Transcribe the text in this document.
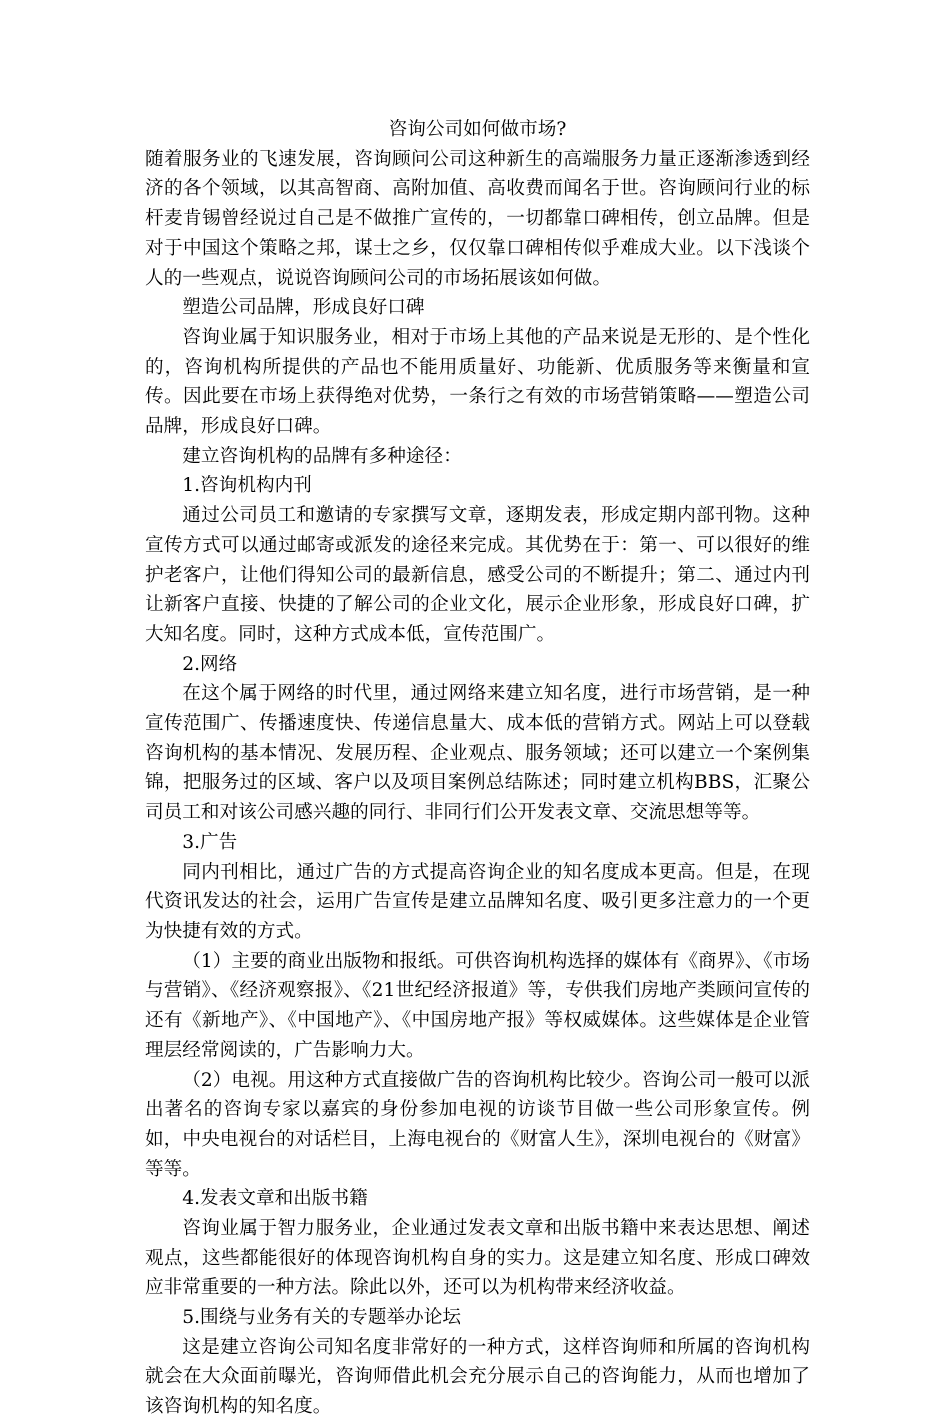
咨询公司如何做市场?

随着服务业的飞速发展，咨询顾问公司这种新生的高端服务力量正逐渐渗透到经济的各个领域，以其高智商、高附加值、高收费而闻名于世。咨询顾问行业的标杆麦肯锡曾经说过自己是不做推广宣传的，一切都靠口碑相传，创立品牌。但是对于中国这个策略之邦，谋士之乡，仅仅靠口碑相传似乎难成大业。以下浅谈个人的一些观点，说说咨询顾问公司的市场拓展该如何做。

塑造公司品牌，形成良好口碑

咨询业属于知识服务业，相对于市场上其他的产品来说是无形的、是个性化的，咨询机构所提供的产品也不能用质量好、功能新、优质服务等来衡量和宣传。因此要在市场上获得绝对优势，一条行之有效的市场营销策略——塑造公司品牌，形成良好口碑。

建立咨询机构的品牌有多种途径：

1.咨询机构内刊

通过公司员工和邀请的专家撰写文章，逐期发表，形成定期内部刊物。这种宣传方式可以通过邮寄或派发的途径来完成。其优势在于：第一、可以很好的维护老客户，让他们得知公司的最新信息，感受公司的不断提升；第二、通过内刊让新客户直接、快捷的了解公司的企业文化，展示企业形象，形成良好口碑，扩大知名度。同时，这种方式成本低，宣传范围广。

2.网络

在这个属于网络的时代里，通过网络来建立知名度，进行市场营销，是一种宣传范围广、传播速度快、传递信息量大、成本低的营销方式。网站上可以登载咨询机构的基本情况、发展历程、企业观点、服务领域；还可以建立一个案例集锦，把服务过的区域、客户以及项目案例总结陈述；同时建立机构BBS，汇聚公司员工和对该公司感兴趣的同行、非同行们公开发表文章、交流思想等等。

3.广告

同内刊相比，通过广告的方式提高咨询企业的知名度成本更高。但是，在现代资讯发达的社会，运用广告宣传是建立品牌知名度、吸引更多注意力的一个更为快捷有效的方式。

（1）主要的商业出版物和报纸。可供咨询机构选择的媒体有《商界》、《市场与营销》、《经济观察报》、《21世纪经济报道》等，专供我们房地产类顾问宣传的还有《新地产》、《中国地产》、《中国房地产报》等权威媒体。这些媒体是企业管理层经常阅读的，广告影响力大。

（2）电视。用这种方式直接做广告的咨询机构比较少。咨询公司一般可以派出著名的咨询专家以嘉宾的身份参加电视的访谈节目做一些公司形象宣传。例如，中央电视台的对话栏目，上海电视台的《财富人生》，深圳电视台的《财富》等等。

4.发表文章和出版书籍

咨询业属于智力服务业，企业通过发表文章和出版书籍中来表达思想、阐述观点，这些都能很好的体现咨询机构自身的实力。这是建立知名度、形成口碑效应非常重要的一种方法。除此以外，还可以为机构带来经济收益。

5.围绕与业务有关的专题举办论坛

这是建立咨询公司知名度非常好的一种方式，这样咨询师和所属的咨询机构就会在大众面前曝光，咨询师借此机会充分展示自己的咨询能力，从而也增加了该咨询机构的知名度。
